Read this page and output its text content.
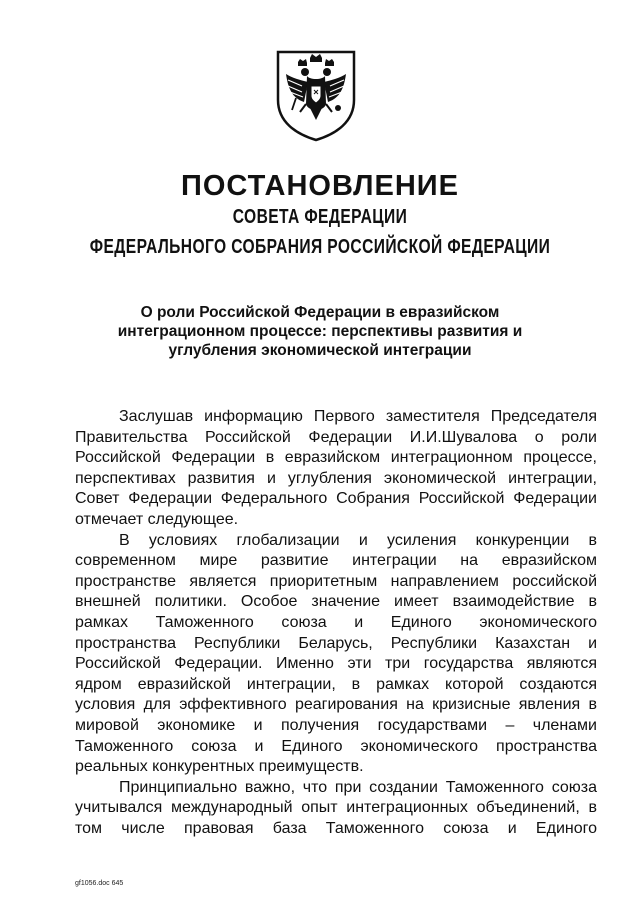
ПОСТАНОВЛЕНИЕ
СОВЕТА ФЕДЕРАЦИИ
ФЕДЕРАЛЬНОГО СОБРАНИЯ РОССИЙСКОЙ ФЕДЕРАЦИИ
О роли Российской Федерации в евразийском
интеграционном процессе: перспективы развития и
углубления экономической интеграции
Заслушав информацию Первого заместителя Председателя
Правительства Российской Федерации И.И.Шувалова о роли
Российской Федерации в евразийском интеграционном процессе,
перспективах развития и углубления экономической интеграции,
Совет Федерации Федерального Собрания Российской Федерации
отмечает следующее.
В условиях глобализации и усиления конкуренции в
современном мире развитие интеграции на евразийском
пространстве является приоритетным направлением российской
внешней политики. Особое значение имеет взаимодействие в
рамках Таможенного союза и Единого экономического
пространства Республики Беларусь, Республики Казахстан и
Российской Федерации. Именно эти три государства являются
ядром евразийской интеграции, в рамках которой создаются
условия для эффективного реагирования на кризисные явления в
мировой экономике и получения государствами – членами
Таможенного союза и Единого экономического пространства
реальных конкурентных преимуществ.
Принципиально важно, что при создании Таможенного союза
учитывался международный опыт интеграционных объединений, в
том числе правовая база Таможенного союза и Единого
gf1056.doc 645
